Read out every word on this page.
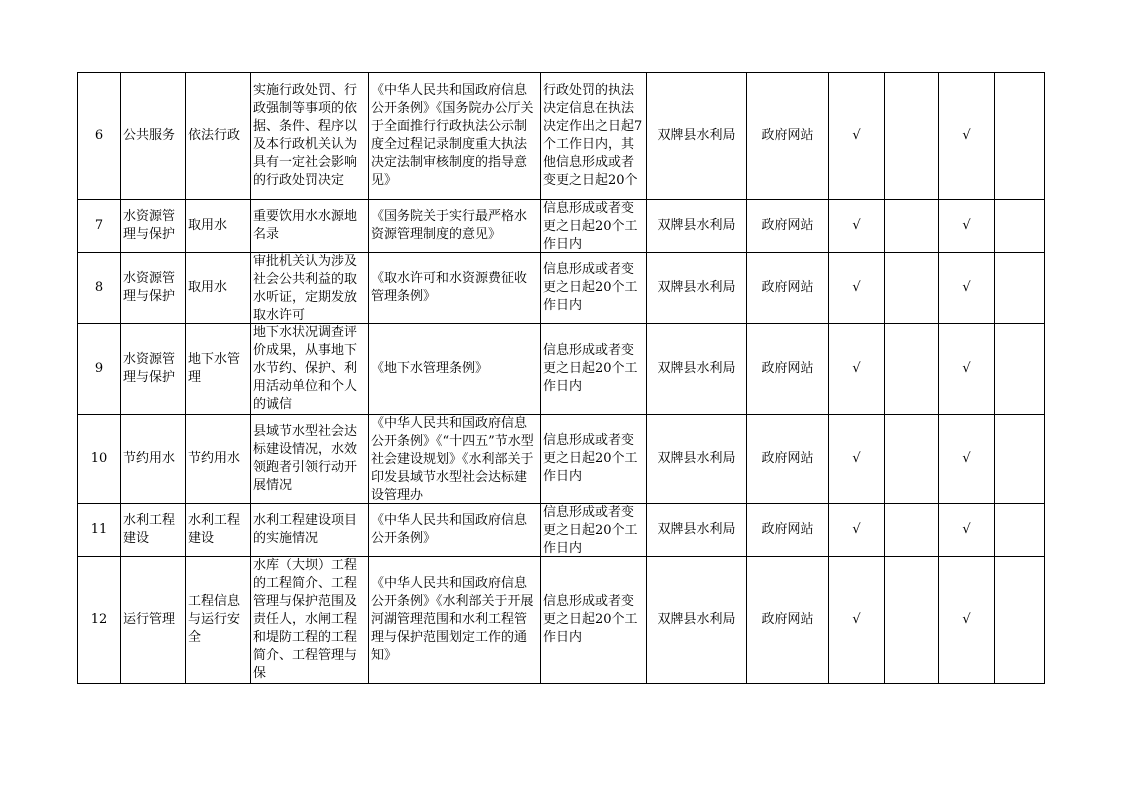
6	公共服务	依法行政	实施行政处罚、行政强制等事项的依据、条件、程序以及本行政机关认为具有一定社会影响的行政处罚决定	《中华人民共和国政府信息公开条例》《国务院办公厅关于全面推行行政执法公示制度全过程记录制度重大执法决定法制审核制度的指导意见》	行政处罚的执法决定信息在执法决定作出之日起7个工作日内，其他信息形成或者变更之日起20个	双牌县水利局	政府网站	√		√	
7	水资源管理与保护	取用水	重要饮用水水源地名录	《国务院关于实行最严格水资源管理制度的意见》	信息形成或者变更之日起20个工作日内	双牌县水利局	政府网站	√		√	
8	水资源管理与保护	取用水	审批机关认为涉及社会公共利益的取水听证，定期发放取水许可	《取水许可和水资源费征收管理条例》	信息形成或者变更之日起20个工作日内	双牌县水利局	政府网站	√		√	
9	水资源管理与保护	地下水管理	地下水状况调查评价成果，从事地下水节约、保护、利用活动单位和个人的诚信	《地下水管理条例》	信息形成或者变更之日起20个工作日内	双牌县水利局	政府网站	√		√	
10	节约用水	节约用水	县域节水型社会达标建设情况，水效领跑者引领行动开展情况	《中华人民共和国政府信息公开条例》《“十四五”节水型社会建设规划》《水利部关于印发县域节水型社会达标建设管理办	信息形成或者变更之日起20个工作日内	双牌县水利局	政府网站	√		√	
11	水利工程建设	水利工程建设	水利工程建设项目的实施情况	《中华人民共和国政府信息公开条例》	信息形成或者变更之日起20个工作日内	双牌县水利局	政府网站	√		√	
12	运行管理	工程信息与运行安全	水库（大坝）工程的工程简介、工程管理与保护范围及责任人，水闸工程和堤防工程的工程简介、工程管理与保	《中华人民共和国政府信息公开条例》《水利部关于开展河湖管理范围和水利工程管理与保护范围划定工作的通知》	信息形成或者变更之日起20个工作日内	双牌县水利局	政府网站	√		√	
